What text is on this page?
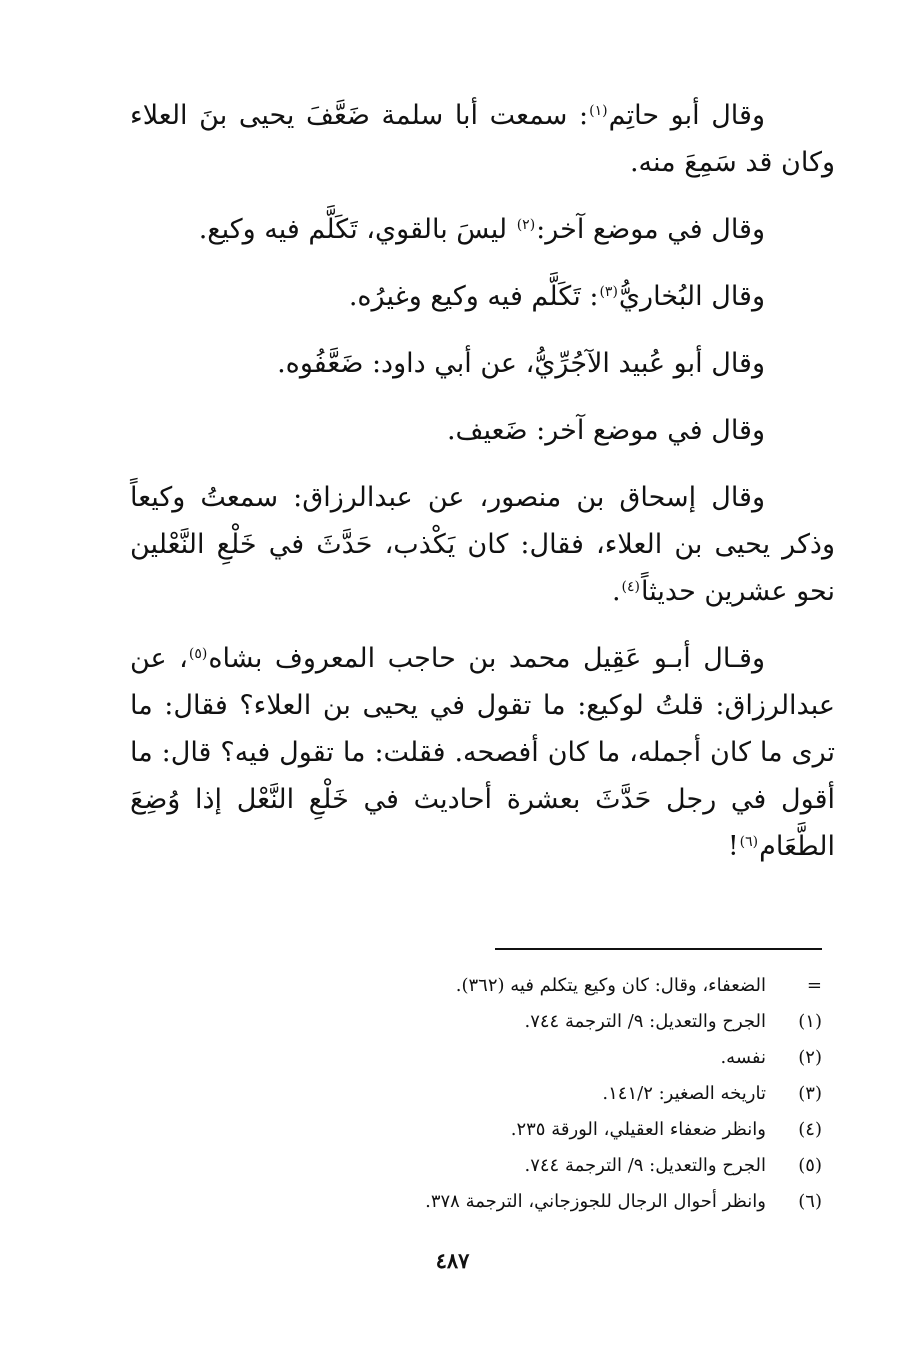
وقال أبو حاتِم$^{(١)}$: سمعت أبا سلمة ضَعَّفَ يحيى بنَ العلاء وكان قد سَمِعَ منه.

وقال في موضع آخر:$^{(٢)}$ ليسَ بالقوي، تَكَلَّم فيه وكيع.

وقال البُخاريُّ$^{(٣)}$: تَكَلَّم فيه وكيع وغيرُه.

وقال أبو عُبيد الآجُرِّيُّ، عن أبي داود: ضَعَّفُوه.

وقال في موضع آخر: ضَعيف.

وقال إسحاق بن منصور، عن عبدالرزاق: سمعتُ وكيعاً وذكر يحيى بن العلاء، فقال: كان يَكْذب، حَدَّثَ في خَلْعِ النَّعْلين نحو عشرين حديثاً$^{(٤)}$.

وقـال أبـو عَقِيل محمد بن حاجب المعروف بشاه$^{(٥)}$، عن عبدالرزاق: قلتُ لوكيع: ما تقول في يحيى بن العلاء؟ فقال: ما ترى ما كان أجمله، ما كان أفصحه. فقلت: ما تقول فيه؟ قال: ما أقول في رجل حَدَّثَ بعشرة أحاديث في خَلْعِ النَّعْل إذا وُضِعَ الطَّعَام$^{(٦)}$!

=
الضعفاء، وقال: كان وكيع يتكلم فيه (٣٦٢).
(١)
الجرح والتعديل: ٩/ الترجمة ٧٤٤.
(٢)
نفسه.
(٣)
تاريخه الصغير: ١٤١/٢.
(٤)
وانظر ضعفاء العقيلي، الورقة ٢٣٥.
(٥)
الجرح والتعديل: ٩/ الترجمة ٧٤٤.
(٦)
وانظر أحوال الرجال للجوزجاني، الترجمة ٣٧٨.
٤٨٧
